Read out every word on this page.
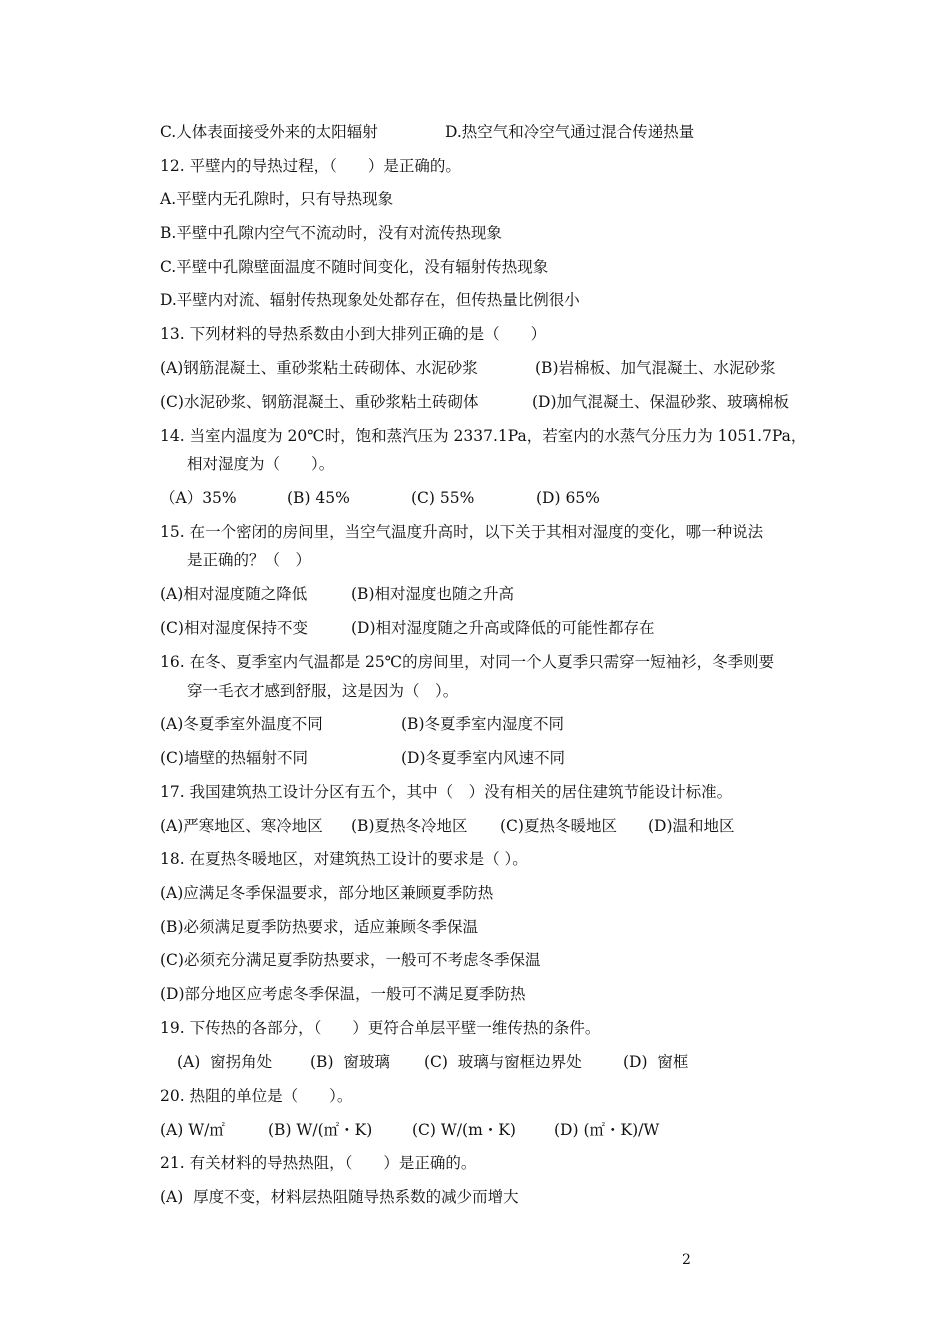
C.人体表面接受外来的太阳辐射	D.热空气和冷空气通过混合传递热量
12. 平壁内的导热过程，（　　）是正确的。
A.平壁内无孔隙时，只有导热现象
B.平壁中孔隙内空气不流动时，没有对流传热现象
C.平壁中孔隙壁面温度不随时间变化，没有辐射传热现象
D.平壁内对流、辐射传热现象处处都存在，但传热量比例很小
13. 下列材料的导热系数由小到大排列正确的是（　　）
(A)钢筋混凝土、重砂浆粘土砖砌体、水泥砂浆	(B)岩棉板、加气混凝土、水泥砂浆
(C)水泥砂浆、钢筋混凝土、重砂浆粘土砖砌体	(D)加气混凝土、保温砂浆、玻璃棉板
14. 当室内温度为 20℃时，饱和蒸汽压为 2337.1Pa，若室内的水蒸气分压力为 1051.7Pa，
相对湿度为（　　）。
（A）35%	(B) 45%	(C) 55%	(D) 65%
15. 在一个密闭的房间里，当空气温度升高时，以下关于其相对湿度的变化，哪一种说法
是正确的？（　）
(A)相对湿度随之降低	(B)相对湿度也随之升高
(C)相对湿度保持不变	(D)相对湿度随之升高或降低的可能性都存在
16. 在冬、夏季室内气温都是 25℃的房间里，对同一个人夏季只需穿一短袖衫，冬季则要
穿一毛衣才感到舒服，这是因为（　）。
(A)冬夏季室外温度不同	(B)冬夏季室内湿度不同
(C)墙壁的热辐射不同	(D)冬夏季室内风速不同
17. 我国建筑热工设计分区有五个，其中（　）没有相关的居住建筑节能设计标准。
(A)严寒地区、寒冷地区 (B)夏热冬冷地区 (C)夏热冬暖地区 (D)温和地区
18. 在夏热冬暖地区，对建筑热工设计的要求是（ ）。
(A)应满足冬季保温要求，部分地区兼顾夏季防热
(B)必须满足夏季防热要求，适应兼顾冬季保温
(C)必须充分满足夏季防热要求，一般可不考虑冬季保温
(D)部分地区应考虑冬季保温，一般可不满足夏季防热
19. 下传热的各部分，（　　）更符合单层平壁一维传热的条件。
(A)  窗拐角处 (B)  窗玻璃 (C)  玻璃与窗框边界处	(D)  窗框
20. 热阻的单位是（　　）。
(A) W/㎡	(B) W/(㎡・K)	(C) W/(m・K) (D) (㎡・K)/W
21. 有关材料的导热热阻，（　　）是正确的。
(A)  厚度不变，材料层热阻随导热系数的减少而增大
2
